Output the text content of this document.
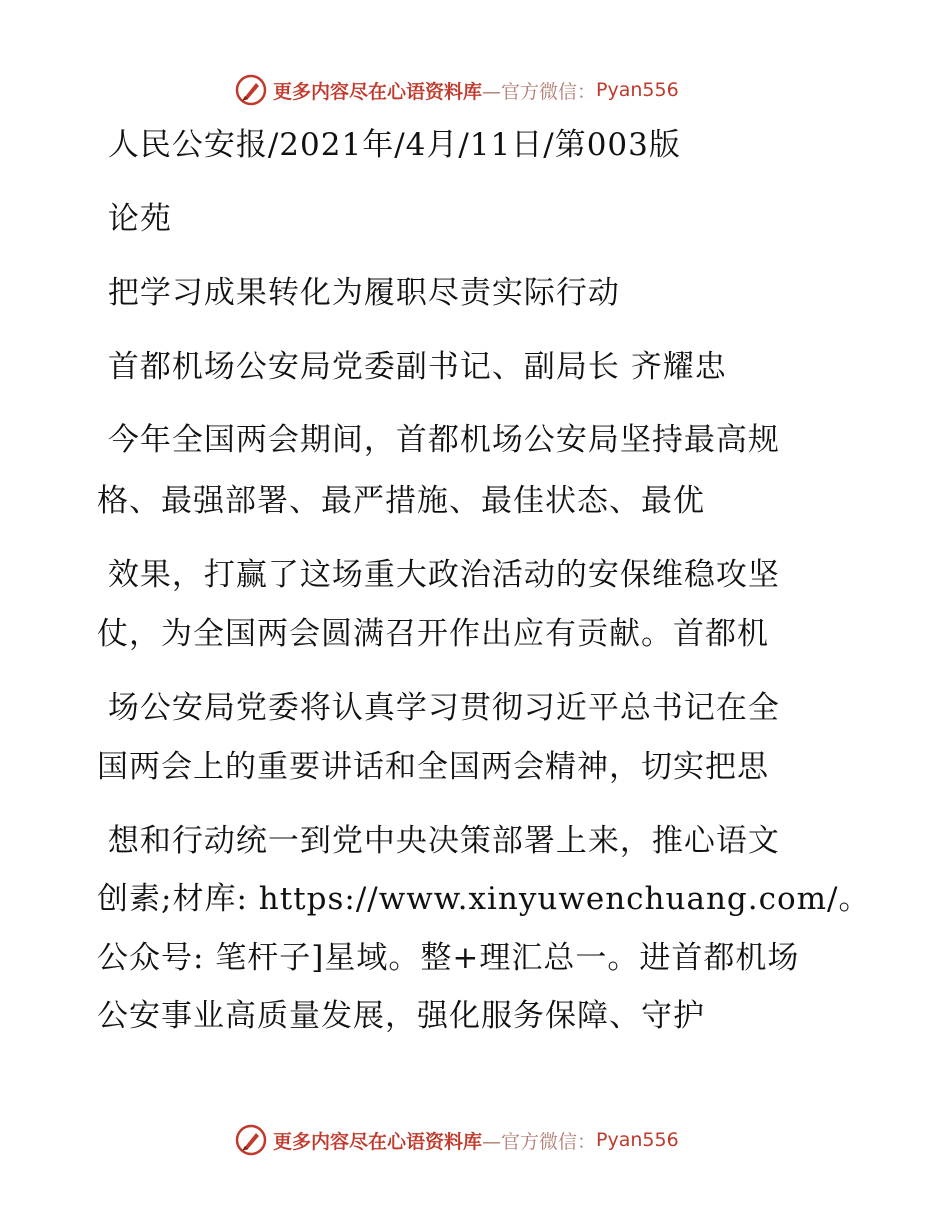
更多内容尽在心语资料库 —官方微信： Pyan556
人民公安报/2021年/4月/11日/第003版
论苑
把学习成果转化为履职尽责实际行动
首都机场公安局党委副书记、副局长 齐耀忠
今年全国两会期间，首都机场公安局坚持最高规
格、最强部署、最严措施、最佳状态、最优
效果，打赢了这场重大政治活动的安保维稳攻坚
仗，为全国两会圆满召开作出应有贡献。首都机
场公安局党委将认真学习贯彻习近平总书记在全
国两会上的重要讲话和全国两会精神，切实把思
想和行动统一到党中央决策部署上来，推心语文
创素;材库: https://www.xinyuwenchuang.com/。
公众号: 笔杆子]星域。整+理汇总一。进首都机场
公安事业高质量发展，强化服务保障、守护
更多内容尽在心语资料库 —官方微信： Pyan556
